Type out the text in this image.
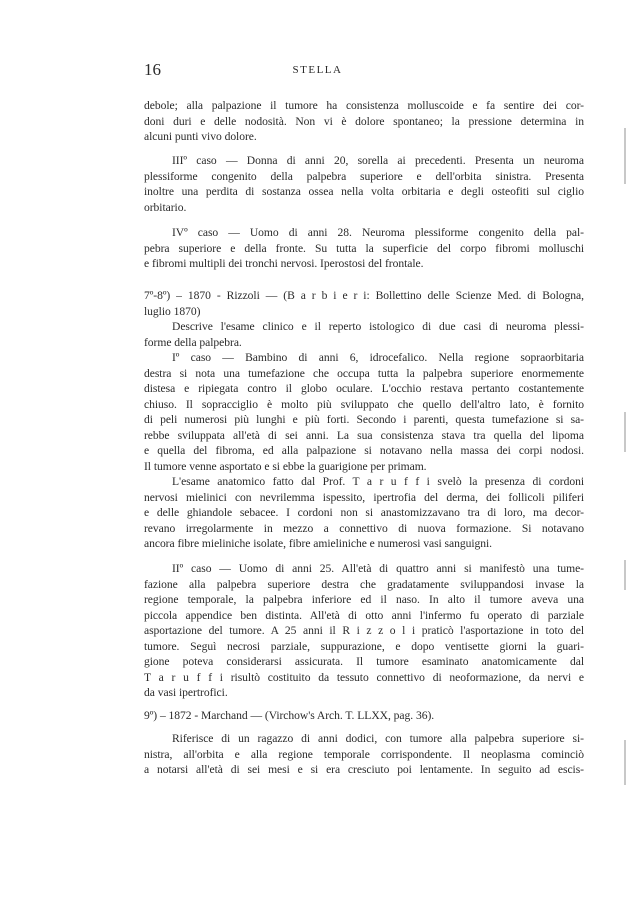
16	STELLA
debole; alla palpazione il tumore ha consistenza molluscoide e fa sentire dei cor-
doni duri e delle nodosità. Non vi è dolore spontaneo; la pressione determina in
alcuni punti vivo dolore.
IIIº caso — Donna di anni 20, sorella ai precedenti. Presenta un neuroma
plessiforme congenito della palpebra superiore e dell'orbita sinistra. Presenta
inoltre una perdita di sostanza ossea nella volta orbitaria e degli osteofiti sul ciglio
orbitario.
IVº caso — Uomo di anni 28. Neuroma plessiforme congenito della pal-
pebra superiore e della fronte. Su tutta la superficie del corpo fibromi molluschi
e fibromi multipli dei tronchi nervosi. Iperostosi del frontale.
7º-8º) – 1870 - Rizzoli — (B a r b i e r i: Bollettino delle Scienze Med. di Bologna,
luglio 1870)
Descrive l'esame clinico e il reperto istologico di due casi di neuroma plessi-
forme della palpebra.
Iº caso — Bambino di anni 6, idrocefalico. Nella regione sopraorbitaria
destra si nota una tumefazione che occupa tutta la palpebra superiore enormemente
distesa e ripiegata contro il globo oculare. L'occhio restava pertanto costantemente
chiuso. Il sopracciglio è molto più sviluppato che quello dell'altro lato, è fornito
di peli numerosi più lunghi e più forti. Secondo i parenti, questa tumefazione si sa-
rebbe sviluppata all'età di sei anni. La sua consistenza stava tra quella del lipoma
e quella del fibroma, ed alla palpazione si notavano nella massa dei corpi nodosi.
Il tumore venne asportato e si ebbe la guarigione per primam.
L'esame anatomico fatto dal Prof. T a r u f f i svelò la presenza di cordoni
nervosi mielinici con nevrilemma ispessito, ipertrofia del derma, dei follicoli piliferi
e delle ghiandole sebacee. I cordoni non si anastomizzavano tra di loro, ma decor-
revano irregolarmente in mezzo a connettivo di nuova formazione. Si notavano
ancora fibre mieliniche isolate, fibre amieliniche e numerosi vasi sanguigni.
IIº caso — Uomo di anni 25. All'età di quattro anni si manifestò una tume-
fazione alla palpebra superiore destra che gradatamente sviluppandosi invase la
regione temporale, la palpebra inferiore ed il naso. In alto il tumore aveva una
piccola appendice ben distinta. All'età di otto anni l'infermo fu operato di parziale
asportazione del tumore. A 25 anni il R i z z o l i praticò l'asportazione in toto del
tumore. Seguì necrosi parziale, suppurazione, e dopo ventisette giorni la guari-
gione poteva considerarsi assicurata. Il tumore esaminato anatomicamente dal
T a r u f f i risultò costituito da tessuto connettivo di neoformazione, da nervi e
da vasi ipertrofici.
9º) – 1872 - Marchand — (Virchow's Arch. T. LLXX, pag. 36).
Riferisce di un ragazzo di anni dodici, con tumore alla palpebra superiore si-
nistra, all'orbita e alla regione temporale corrispondente. Il neoplasma cominciò
a notarsi all'età di sei mesi e si era cresciuto poi lentamente. In seguito ad escis-
